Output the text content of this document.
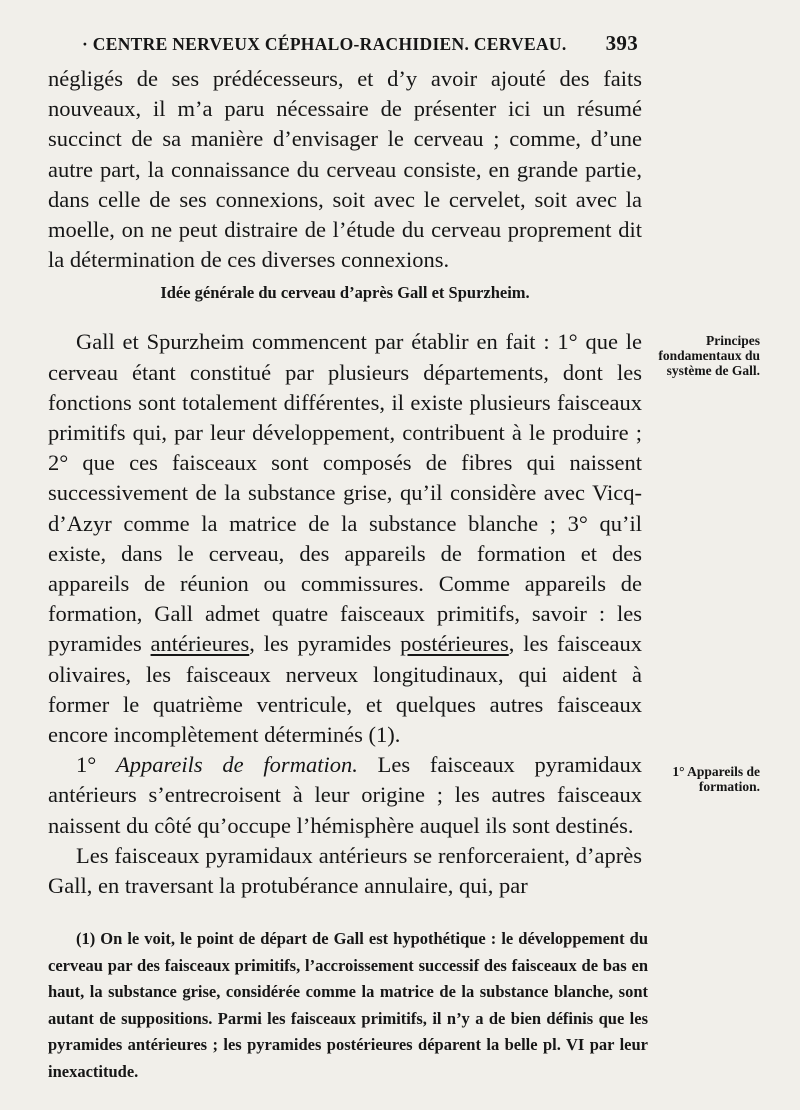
· CENTRE NERVEUX CÉPHALO-RACHIDIEN. CERVEAU. 393

négligés de ses prédécesseurs, et d’y avoir ajouté des faits nouveaux, il m’a paru nécessaire de présenter ici un résumé succinct de sa manière d’envisager le cerveau ; comme, d’une autre part, la connaissance du cerveau consiste, en grande partie, dans celle de ses connexions, soit avec le cervelet, soit avec la moelle, on ne peut distraire de l’étude du cerveau proprement dit la détermination de ces diverses connexions.

Idée générale du cerveau d’après Gall et Spurzheim.

Gall et Spurzheim commencent par établir en fait : 1° que le cerveau étant constitué par plusieurs départements, dont les fonctions sont totalement différentes, il existe plusieurs faisceaux primitifs qui, par leur développement, contribuent à le produire ; 2° que ces faisceaux sont composés de fibres qui naissent successivement de la substance grise, qu’il considère avec Vicq-d’Azyr comme la matrice de la substance blanche ; 3° qu’il existe, dans le cerveau, des appareils de formation et des appareils de réunion ou commissures. Comme appareils de formation, Gall admet quatre faisceaux primitifs, savoir : les pyramides antérieures, les pyramides postérieures, les faisceaux olivaires, les faisceaux nerveux longitudinaux, qui aident à former le quatrième ventricule, et quelques autres faisceaux encore incomplètement déterminés (1).

1° Appareils de formation. Les faisceaux pyramidaux antérieurs s’entrecroisent à leur origine ; les autres faisceaux naissent du côté qu’occupe l’hémisphère auquel ils sont destinés.

Les faisceaux pyramidaux antérieurs se renforceraient, d’après Gall, en traversant la protubérance annulaire, qui, par

Principes fondamentaux du système de Gall.
1° Appareils de formation.

(1) On le voit, le point de départ de Gall est hypothétique : le développement du cerveau par des faisceaux primitifs, l’accroissement successif des faisceaux de bas en haut, la substance grise, considérée comme la matrice de la substance blanche, sont autant de suppositions. Parmi les faisceaux primitifs, il n’y a de bien définis que les pyramides antérieures ; les pyramides postérieures déparent la belle pl. VI par leur inexactitude.
